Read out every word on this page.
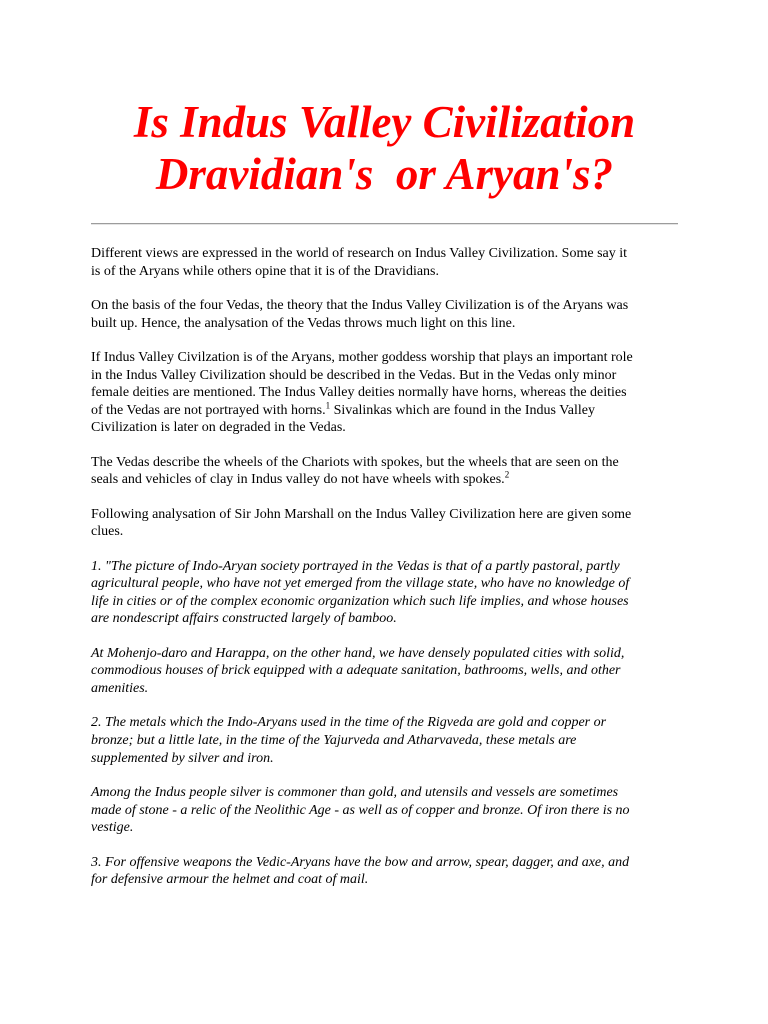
Is Indus Valley Civilization
Dravidian's  or Aryan's?

Different views are expressed in the world of research on Indus Valley Civilization. Some say it
is of the Aryans while others opine that it is of the Dravidians.

On the basis of the four Vedas, the theory that the Indus Valley Civilization is of the Aryans was
built up. Hence, the analysation of the Vedas throws much light on this line.

If Indus Valley Civilzation is of the Aryans, mother goddess worship that plays an important role
in the Indus Valley Civilization should be described in the Vedas. But in the Vedas only minor
female deities are mentioned. The Indus Valley deities normally have horns, whereas the deities
of the Vedas are not portrayed with horns.$^1$ Sivalinkas which are found in the Indus Valley
Civilization is later on degraded in the Vedas.

The Vedas describe the wheels of the Chariots with spokes, but the wheels that are seen on the
seals and vehicles of clay in Indus valley do not have wheels with spokes.$^2$

Following analysation of Sir John Marshall on the Indus Valley Civilization here are given some
clues.

1. "The picture of Indo-Aryan society portrayed in the Vedas is that of a partly pastoral, partly
agricultural people, who have not yet emerged from the village state, who have no knowledge of
life in cities or of the complex economic organization which such life implies, and whose houses
are nondescript affairs constructed largely of bamboo.

At Mohenjo-daro and Harappa, on the other hand, we have densely populated cities with solid,
commodious houses of brick equipped with a adequate sanitation, bathrooms, wells, and other
amenities.

2. The metals which the Indo-Aryans used in the time of the Rigveda are gold and copper or
bronze; but a little late, in the time of the Yajurveda and Atharvaveda, these metals are
supplemented by silver and iron.

Among the Indus people silver is commoner than gold, and utensils and vessels are sometimes
made of stone - a relic of the Neolithic Age - as well as of copper and bronze. Of iron there is no
vestige.

3. For offensive weapons the Vedic-Aryans have the bow and arrow, spear, dagger, and axe, and
for defensive armour the helmet and coat of mail.
